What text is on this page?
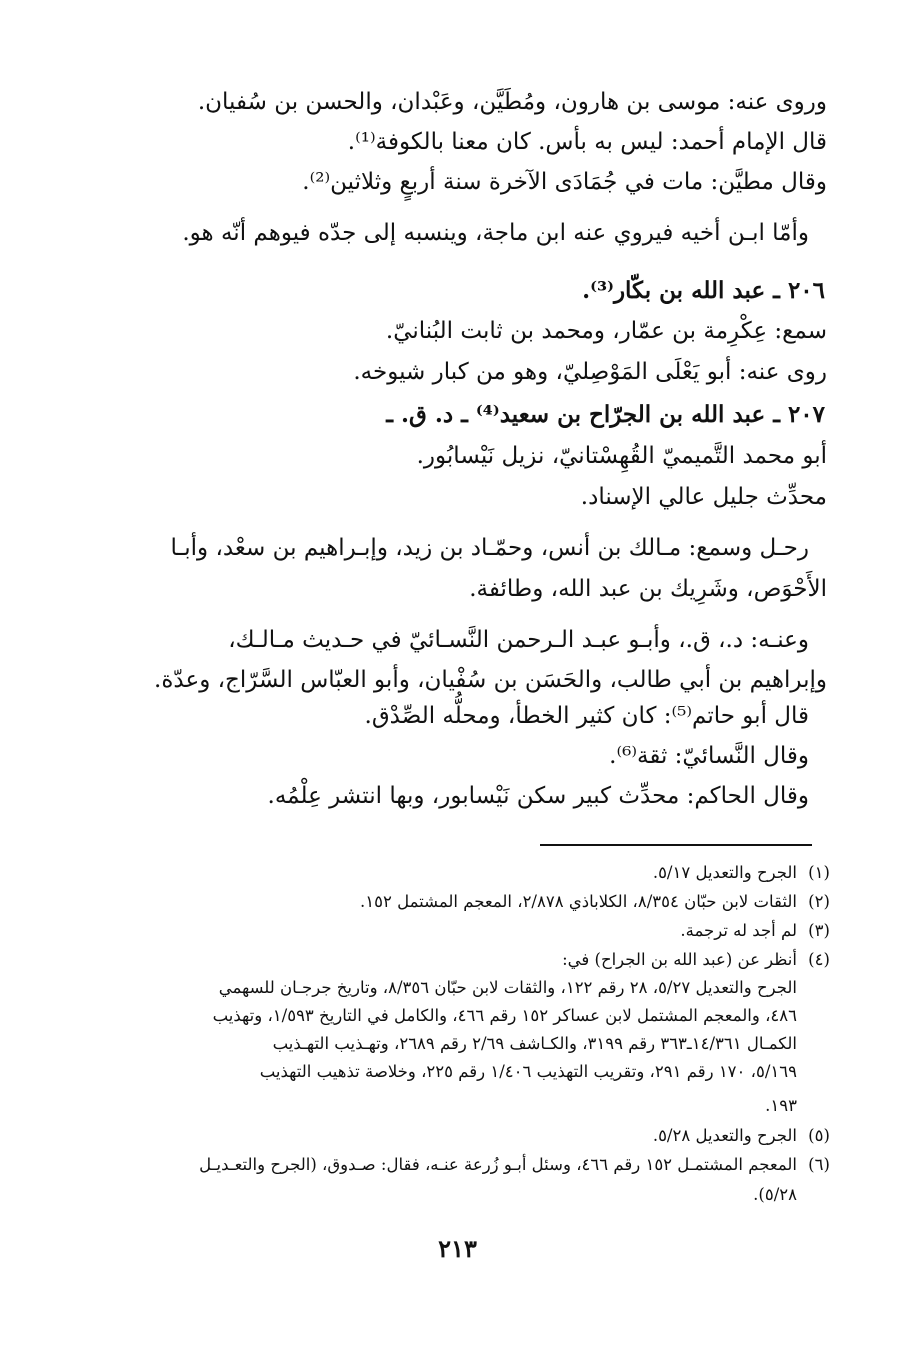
وروى عنه: موسى بن هارون، ومُطَيَّن، وعَبْدان، والحسن بن سُفيان.
قال الإمام أحمد: ليس به بأس. كان معنا بالكوفة⁽¹⁾.
وقال مطيَّن: مات في جُمَادَى الآخرة سنة أربعٍ وثلاثين⁽²⁾.
وأمّا ابـن أخيه فيروي عنه ابن ماجة، وينسبه إلى جدّه فيوهم أنّه هو.
٢٠٦ ـ عبد الله بن بكّار⁽³⁾.
سمع: عِكْرِمة بن عمّار، ومحمد بن ثابت البُنانيّ.
روى عنه: أبو يَعْلَى المَوْصِليّ، وهو من كبار شيوخه.
٢٠٧ ـ عبد الله بن الجرّاح بن سعيد⁽⁴⁾ ـ د. ق. ـ
أبو محمد التَّميميّ القُهِسْتانيّ، نزيل نَيْسابُور.
محدِّث جليل عالي الإسناد.
رحـل وسمع: مـالك بن أنس، وحمّـاد بن زيد، وإبـراهيم بن سعْد، وأبـا
الأَحْوَص، وشَرِيك بن عبد الله، وطائفة.
وعنـه: د.، ق.، وأبـو عبـد الـرحمن النَّسـائيّ في حـديث مـالـك،
وإبراهيم بن أبي طالب، والحَسَن بن سُفْيان، وأبو العبّاس السَّرّاج، وعدّة.
قال أبو حاتم⁽⁵⁾: كان كثير الخطأ، ومحلُّه الصِّدْق.
وقال النَّسائيّ: ثقة⁽⁶⁾.
وقال الحاكم: محدِّث كبير سكن نَيْسابور، وبها انتشر عِلْمُه.
(١)
الجرح والتعديل ٥/١٧.
(٢)
الثقات لابن حبّان ٨/٣٥٤، الكلاباذي ٢/٨٧٨، المعجم المشتمل ١٥٢.
(٣)
لم أجد له ترجمة.
(٤)
أنظر عن (عبد الله بن الجراح) في:
الجرح والتعديل ٥/٢٧، ٢٨ رقم ١٢٢، والثقات لابن حبّان ٨/٣٥٦، وتاريخ جرجـان للسهمي
٤٨٦، والمعجم المشتمل لابن عساكر ١٥٢ رقم ٤٦٦، والكامل في التاريخ ١/٥٩٣، وتهذيب
الكمـال ١٤/٣٦١ـ٣٦٣ رقم ٣١٩٩، والكـاشف ٢/٦٩ رقم ٢٦٨٩، وتهـذيب التهـذيب
٥/١٦٩، ١٧٠ رقم ٢٩١، وتقريب التهذيب ١/٤٠٦ رقم ٢٢٥، وخلاصة تذهيب التهذيب
١٩٣.
(٥)
الجرح والتعديل ٥/٢٨.
(٦)
المعجم المشتمـل ١٥٢ رقم ٤٦٦، وسئل أبـو زُرعة عنـه، فقال: صـدوق، (الجرح والتعـديـل
٥/٢٨).
٢١٣
